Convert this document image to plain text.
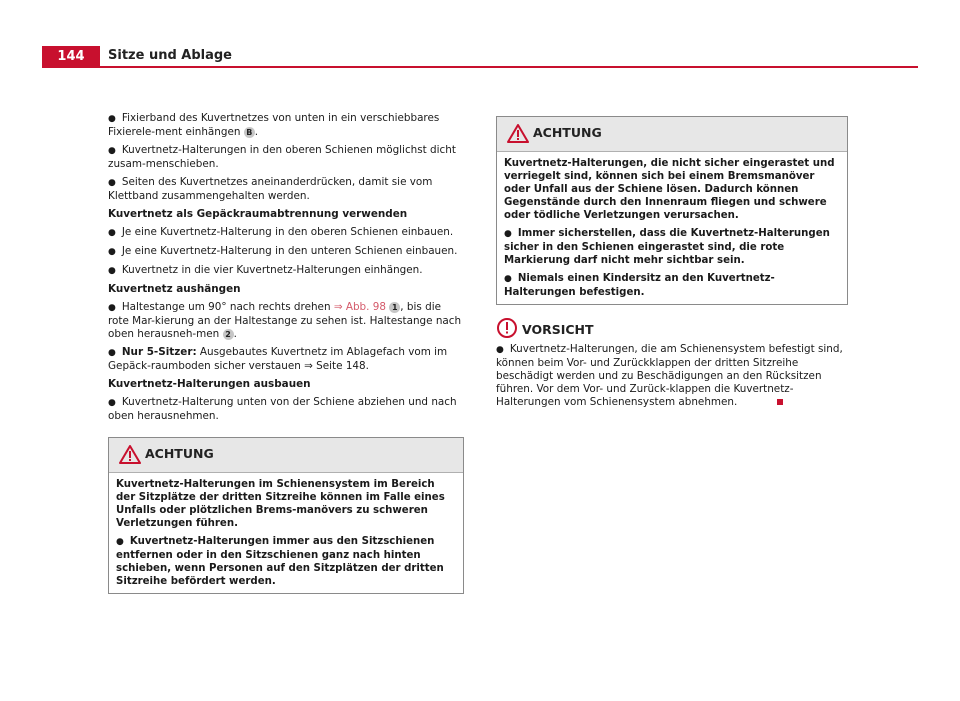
144	Sitze und Ablage

● Fixierband des Kuvertnetzes von unten in ein verschiebbares Fixierele-ment einhängen B .

● Kuvertnetz-Halterungen in den oberen Schienen möglichst dicht zusam-menschieben.

● Seiten des Kuvertnetzes aneinanderdrücken, damit sie vom Klettband zusammengehalten werden.

Kuvertnetz als Gepäckraumabtrennung verwenden

● Je eine Kuvertnetz-Halterung in den oberen Schienen einbauen.

● Je eine Kuvertnetz-Halterung in den unteren Schienen einbauen.

● Kuvertnetz in die vier Kuvertnetz-Halterungen einhängen.

Kuvertnetz aushängen

● Haltestange um 90° nach rechts drehen ⇒ Abb. 98 1 , bis die rote Mar-kierung an der Haltestange zu sehen ist. Haltestange nach oben herausneh-men 2 .

● Nur 5-Sitzer: Ausgebautes Kuvertnetz im Ablagefach vom im Gepäck-raumboden sicher verstauen ⇒ Seite 148.

Kuvertnetz-Halterungen ausbauen

● Kuvertnetz-Halterung unten von der Schiene abziehen und nach oben herausnehmen.

ACHTUNG

Kuvertnetz-Halterungen im Schienensystem im Bereich der Sitzplätze der dritten Sitzreihe können im Falle eines Unfalls oder plötzlichen Brems-manövers zu schweren Verletzungen führen.

● Kuvertnetz-Halterungen immer aus den Sitzschienen entfernen oder in den Sitzschienen ganz nach hinten schieben, wenn Personen auf den Sitzplätzen der dritten Sitzreihe befördert werden.

ACHTUNG

Kuvertnetz-Halterungen, die nicht sicher eingerastet und verriegelt sind, können sich bei einem Bremsmanöver oder Unfall aus der Schiene lösen. Dadurch können Gegenstände durch den Innenraum fliegen und schwere oder tödliche Verletzungen verursachen.

● Immer sicherstellen, dass die Kuvertnetz-Halterungen sicher in den Schienen eingerastet sind, die rote Markierung darf nicht mehr sichtbar sein.

● Niemals einen Kindersitz an den Kuvertnetz-Halterungen befestigen.

VORSICHT

● Kuvertnetz-Halterungen, die am Schienensystem befestigt sind, können beim Vor- und Zurückklappen der dritten Sitzreihe beschädigt werden und zu Beschädigungen an den Rücksitzen führen. Vor dem Vor- und Zurück-klappen die Kuvertnetz-Halterungen vom Schienensystem abnehmen.
